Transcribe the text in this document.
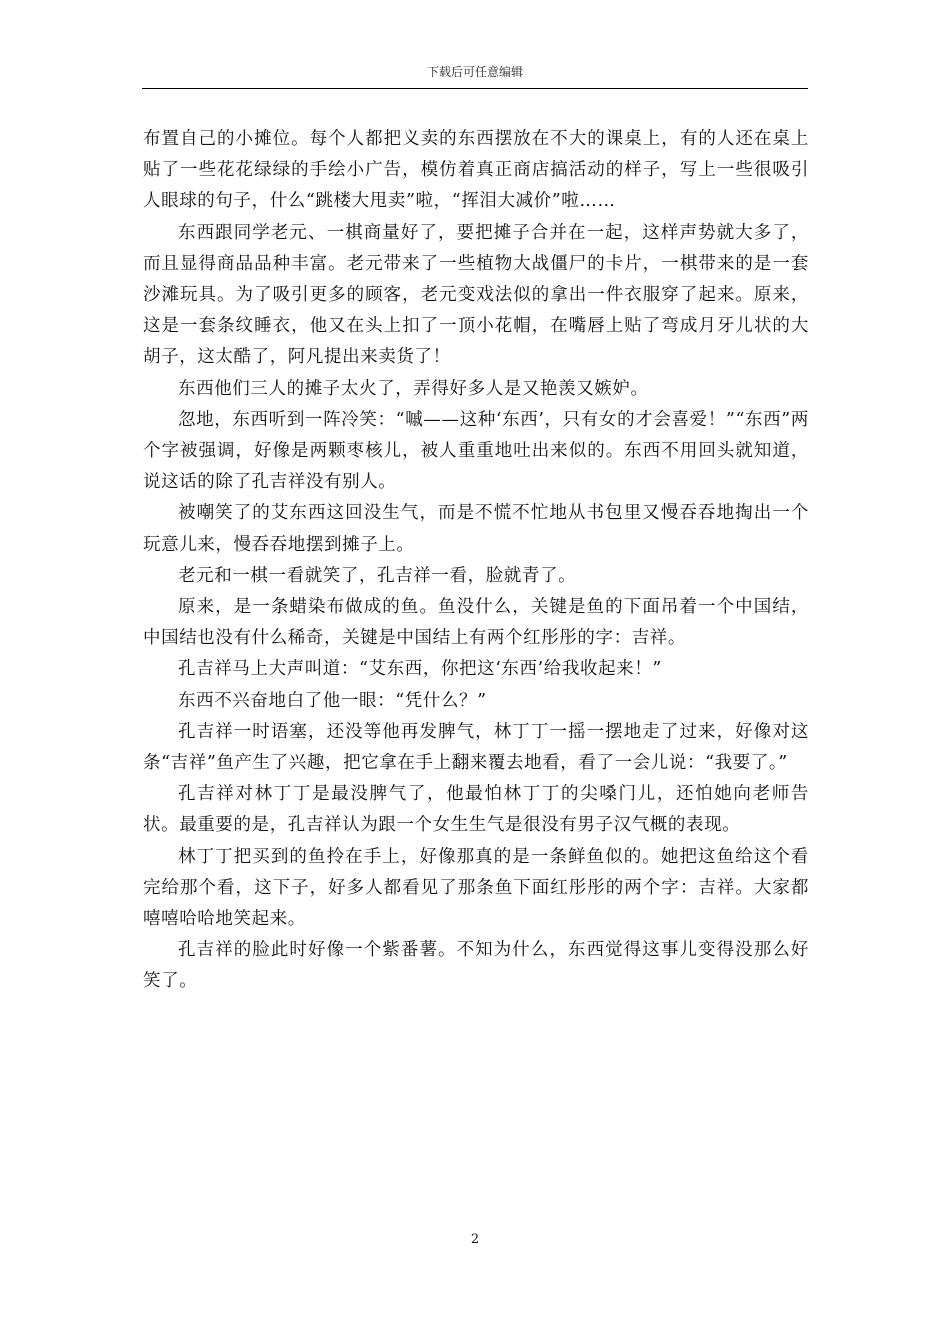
下载后可任意编辑

布置自己的小摊位。每个人都把义卖的东西摆放在不大的课桌上，有的人还在桌上贴了一些花花绿绿的手绘小广告，模仿着真正商店搞活动的样子，写上一些很吸引人眼球的句子，什么“跳楼大甩卖”啦，“挥泪大减价”啦……

东西跟同学老元、一棋商量好了，要把摊子合并在一起，这样声势就大多了，而且显得商品品种丰富。老元带来了一些植物大战僵尸的卡片，一棋带来的是一套沙滩玩具。为了吸引更多的顾客，老元变戏法似的拿出一件衣服穿了起来。原来，这是一套条纹睡衣，他又在头上扣了一顶小花帽，在嘴唇上贴了弯成月牙儿状的大胡子，这太酷了，阿凡提出来卖货了！

东西他们三人的摊子太火了，弄得好多人是又艳羡又嫉妒。

忽地，东西听到一阵冷笑：“嘁——这种‘东西’，只有女的才会喜爱！”“东西”两个字被强调，好像是两颗枣核儿，被人重重地吐出来似的。东西不用回头就知道，说这话的除了孔吉祥没有别人。

被嘲笑了的艾东西这回没生气，而是不慌不忙地从书包里又慢吞吞地掏出一个玩意儿来，慢吞吞地摆到摊子上。

老元和一棋一看就笑了，孔吉祥一看，脸就青了。

原来，是一条蜡染布做成的鱼。鱼没什么，关键是鱼的下面吊着一个中国结，中国结也没有什么稀奇，关键是中国结上有两个红彤彤的字：吉祥。

孔吉祥马上大声叫道：“艾东西，你把这‘东西’给我收起来！”

东西不兴奋地白了他一眼：“凭什么？”

孔吉祥一时语塞，还没等他再发脾气，林丁丁一摇一摆地走了过来，好像对这条“吉祥”鱼产生了兴趣，把它拿在手上翻来覆去地看，看了一会儿说：“我要了。”

孔吉祥对林丁丁是最没脾气了，他最怕林丁丁的尖嗓门儿，还怕她向老师告状。最重要的是，孔吉祥认为跟一个女生生气是很没有男子汉气概的表现。

林丁丁把买到的鱼拎在手上，好像那真的是一条鲜鱼似的。她把这鱼给这个看完给那个看，这下子，好多人都看见了那条鱼下面红彤彤的两个字：吉祥。大家都嘻嘻哈哈地笑起来。

孔吉祥的脸此时好像一个紫番薯。不知为什么，东西觉得这事儿变得没那么好笑了。

2
